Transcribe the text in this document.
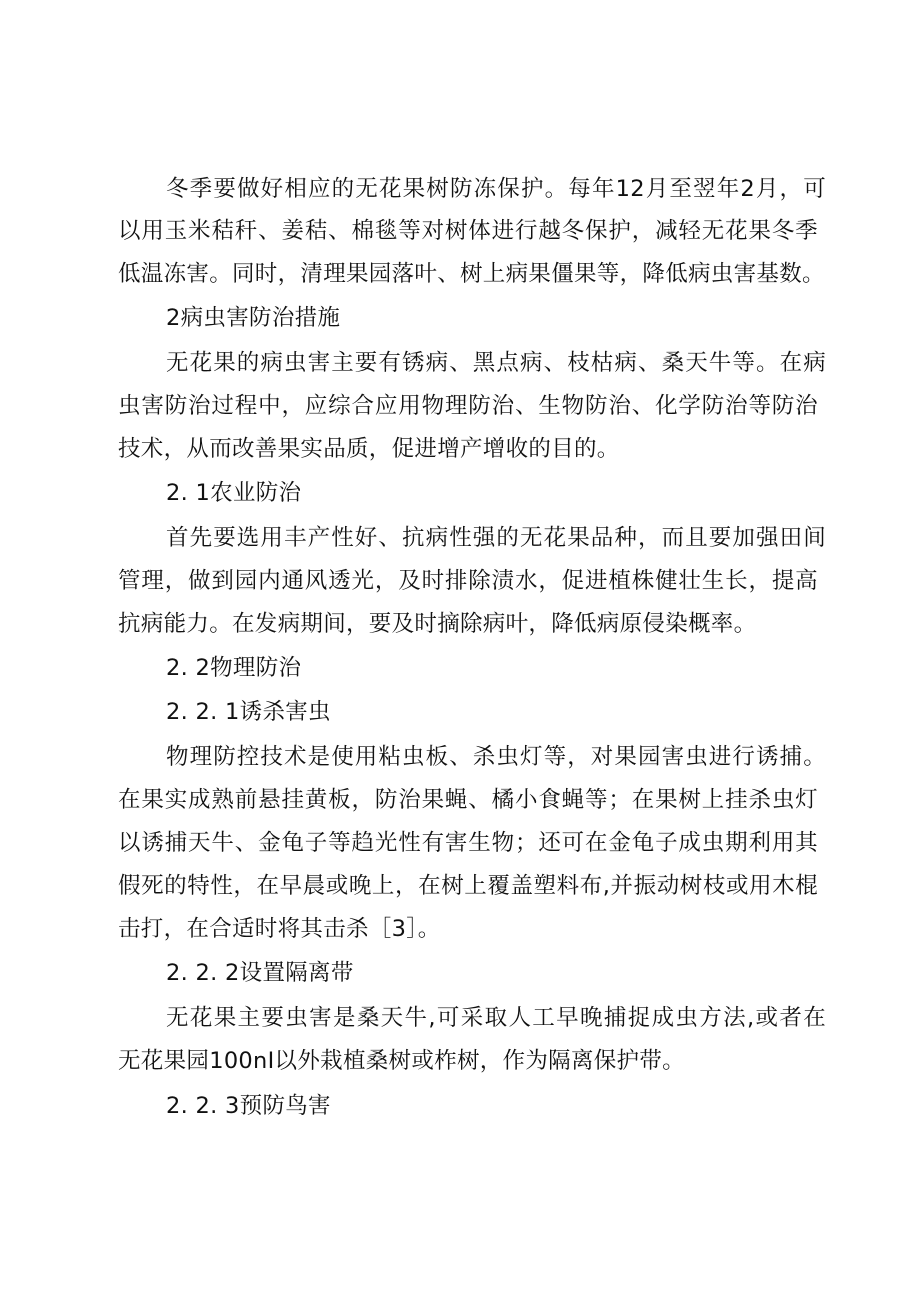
冬季要做好相应的无花果树防冻保护。每年12月至翌年2月，可
以用玉米秸秆、姜秸、棉毯等对树体进行越冬保护，减轻无花果冬季
低温冻害。同时，清理果园落叶、树上病果僵果等，降低病虫害基数。
2病虫害防治措施
无花果的病虫害主要有锈病、黑点病、枝枯病、桑天牛等。在病
虫害防治过程中，应综合应用物理防治、生物防治、化学防治等防治
技术，从而改善果实品质，促进增产增收的目的。
2. 1农业防治
首先要选用丰产性好、抗病性强的无花果品种，而且要加强田间
管理，做到园内通风透光，及时排除渍水，促进植株健壮生长，提高
抗病能力。在发病期间，要及时摘除病叶，降低病原侵染概率。
2. 2物理防治
2. 2. 1诱杀害虫
物理防控技术是使用粘虫板、杀虫灯等，对果园害虫进行诱捕。
在果实成熟前悬挂黄板，防治果蝇、橘小食蝇等；在果树上挂杀虫灯
以诱捕天牛、金龟子等趋光性有害生物；还可在金龟子成虫期利用其
假死的特性，在早晨或晚上，在树上覆盖塑料布,并振动树枝或用木棍
击打，在合适时将其击杀［3］。
2. 2. 2设置隔离带
无花果主要虫害是桑天牛,可采取人工早晚捕捉成虫方法,或者在
无花果园100nI以外栽植桑树或柞树，作为隔离保护带。
2. 2. 3预防鸟害
